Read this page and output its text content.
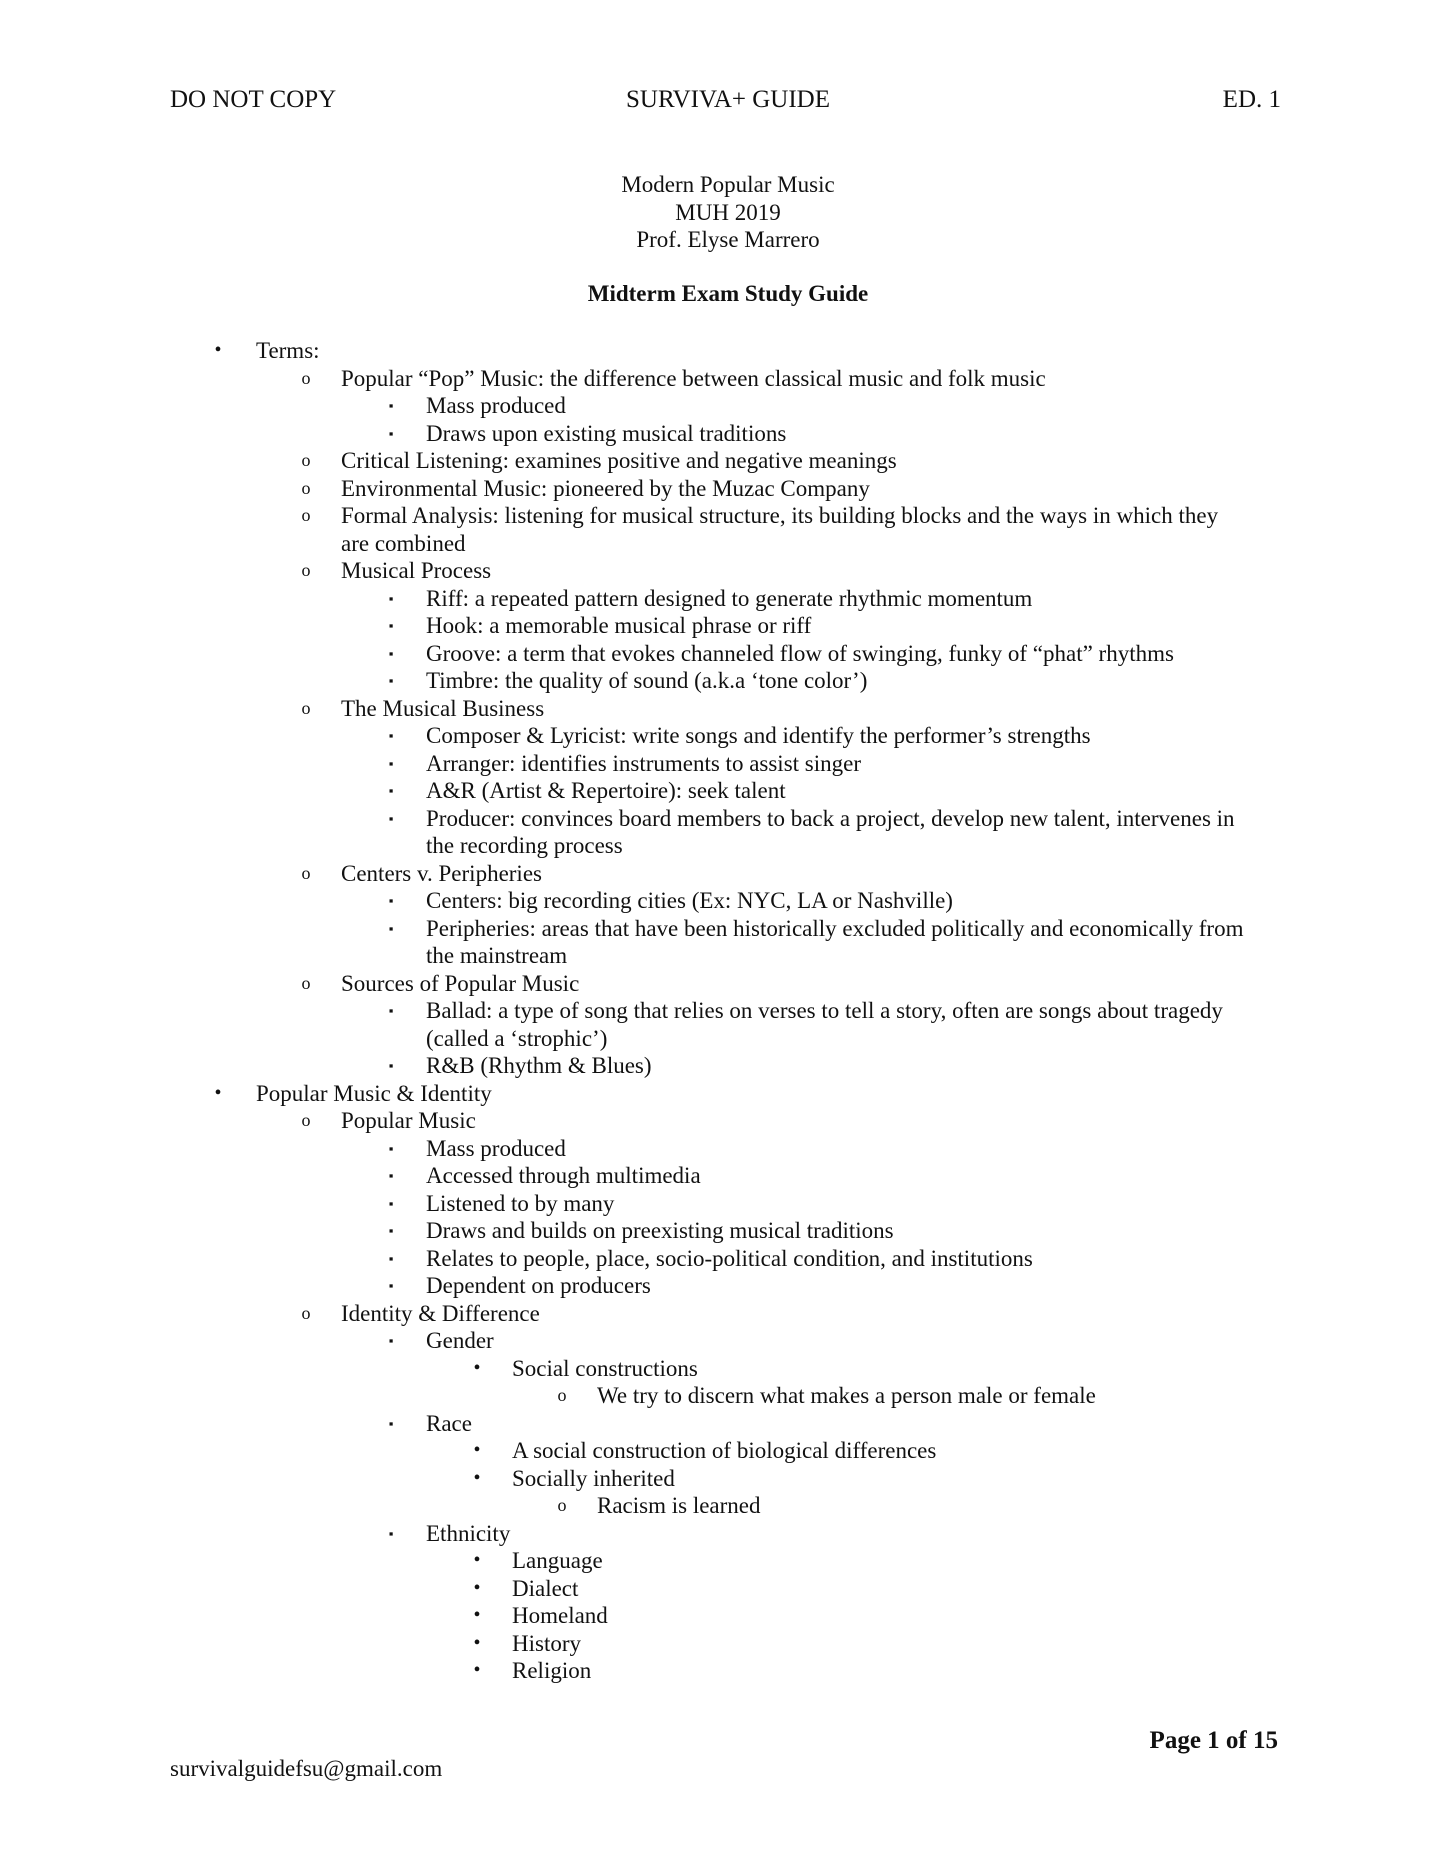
DO NOT COPY	SURVIVA+ GUIDE	ED. 1
Modern Popular Music
MUH 2019
Prof. Elyse Marrero
Midterm Exam Study Guide
•	Terms:
o	Popular “Pop” Music: the difference between classical music and folk music
▪	Mass produced
▪	Draws upon existing musical traditions
o	Critical Listening: examines positive and negative meanings
o	Environmental Music: pioneered by the Muzac Company
o	Formal Analysis: listening for musical structure, its building blocks and the ways in which they
are combined
o	Musical Process
▪	Riff: a repeated pattern designed to generate rhythmic momentum
▪	Hook: a memorable musical phrase or riff
▪	Groove: a term that evokes channeled flow of swinging, funky of “phat” rhythms
▪	Timbre: the quality of sound (a.k.a ‘tone color’)
o	The Musical Business
▪	Composer & Lyricist: write songs and identify the performer’s strengths
▪	Arranger: identifies instruments to assist singer
▪	A&R (Artist & Repertoire): seek talent
▪	Producer: convinces board members to back a project, develop new talent, intervenes in
the recording process
o	Centers v. Peripheries
▪	Centers: big recording cities (Ex: NYC, LA or Nashville)
▪	Peripheries: areas that have been historically excluded politically and economically from
the mainstream
o	Sources of Popular Music
▪	Ballad: a type of song that relies on verses to tell a story, often are songs about tragedy
(called a ‘strophic’)
▪	R&B (Rhythm & Blues)
•	Popular Music & Identity
o	Popular Music
▪	Mass produced
▪	Accessed through multimedia
▪	Listened to by many
▪	Draws and builds on preexisting musical traditions
▪	Relates to people, place, socio-political condition, and institutions
▪	Dependent on producers
o	Identity & Difference
▪	Gender
•	Social constructions
o	We try to discern what makes a person male or female
▪	Race
•	A social construction of biological differences
•	Socially inherited
o	Racism is learned
▪	Ethnicity
•	Language
•	Dialect
•	Homeland
•	History
•	Religion
Page 1 of 15
survivalguidefsu@gmail.com
